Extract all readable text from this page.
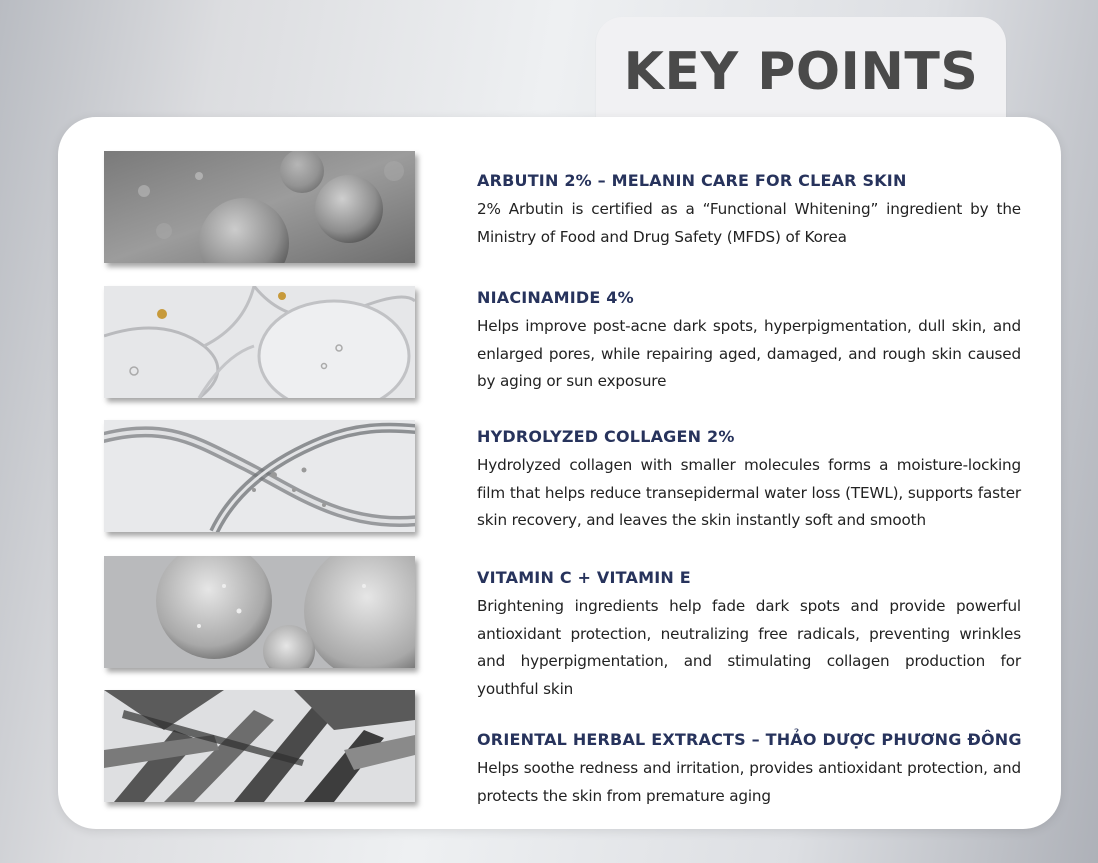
KEY POINTS
ARBUTIN 2% – MELANIN CARE FOR CLEAR SKIN

2% Arbutin is certified as a “Functional Whitening” ingredient by the Ministry of Food and Drug Safety (MFDS) of Korea

NIACINAMIDE 4%

Helps improve post-acne dark spots, hyperpigmentation, dull skin, and enlarged pores, while repairing aged, damaged, and rough skin caused by aging or sun exposure

HYDROLYZED COLLAGEN 2%

Hydrolyzed collagen with smaller molecules forms a moisture-locking film that helps reduce transepidermal water loss (TEWL), supports faster skin recovery, and leaves the skin instantly soft and smooth

VITAMIN C + VITAMIN E

Brightening ingredients help fade dark spots and provide powerful antioxidant protection, neutralizing free radicals, preventing wrinkles and hyperpigmentation, and stimulating collagen production for youthful skin

ORIENTAL HERBAL EXTRACTS – THẢO DƯỢC PHƯƠNG ĐÔNG

Helps soothe redness and irritation, provides antioxidant protection, and protects the skin from premature aging
